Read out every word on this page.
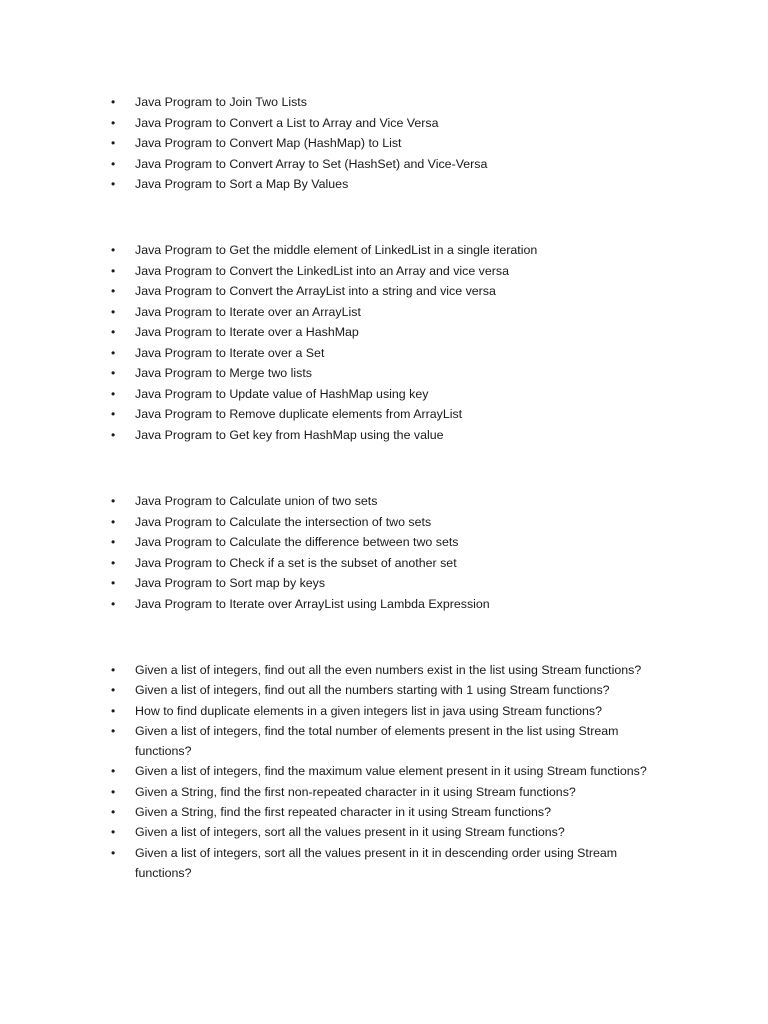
•	Java Program to Join Two Lists
•	Java Program to Convert a List to Array and Vice Versa
•	Java Program to Convert Map (HashMap) to List
•	Java Program to Convert Array to Set (HashSet) and Vice-Versa
•	Java Program to Sort a Map By Values
•	Java Program to Get the middle element of LinkedList in a single iteration
•	Java Program to Convert the LinkedList into an Array and vice versa
•	Java Program to Convert the ArrayList into a string and vice versa
•	Java Program to Iterate over an ArrayList
•	Java Program to Iterate over a HashMap
•	Java Program to Iterate over a Set
•	Java Program to Merge two lists
•	Java Program to Update value of HashMap using key
•	Java Program to Remove duplicate elements from ArrayList
•	Java Program to Get key from HashMap using the value
•	Java Program to Calculate union of two sets
•	Java Program to Calculate the intersection of two sets
•	Java Program to Calculate the difference between two sets
•	Java Program to Check if a set is the subset of another set
•	Java Program to Sort map by keys
•	Java Program to Iterate over ArrayList using Lambda Expression
•	Given a list of integers, find out all the even numbers exist in the list using Stream functions?
•	Given a list of integers, find out all the numbers starting with 1 using Stream functions?
•	How to find duplicate elements in a given integers list in java using Stream functions?
•	Given a list of integers, find the total number of elements present in the list using Stream functions?
•	Given a list of integers, find the maximum value element present in it using Stream functions?
•	Given a String, find the first non-repeated character in it using Stream functions?
•	Given a String, find the first repeated character in it using Stream functions?
•	Given a list of integers, sort all the values present in it using Stream functions?
•	Given a list of integers, sort all the values present in it in descending order using Stream functions?
